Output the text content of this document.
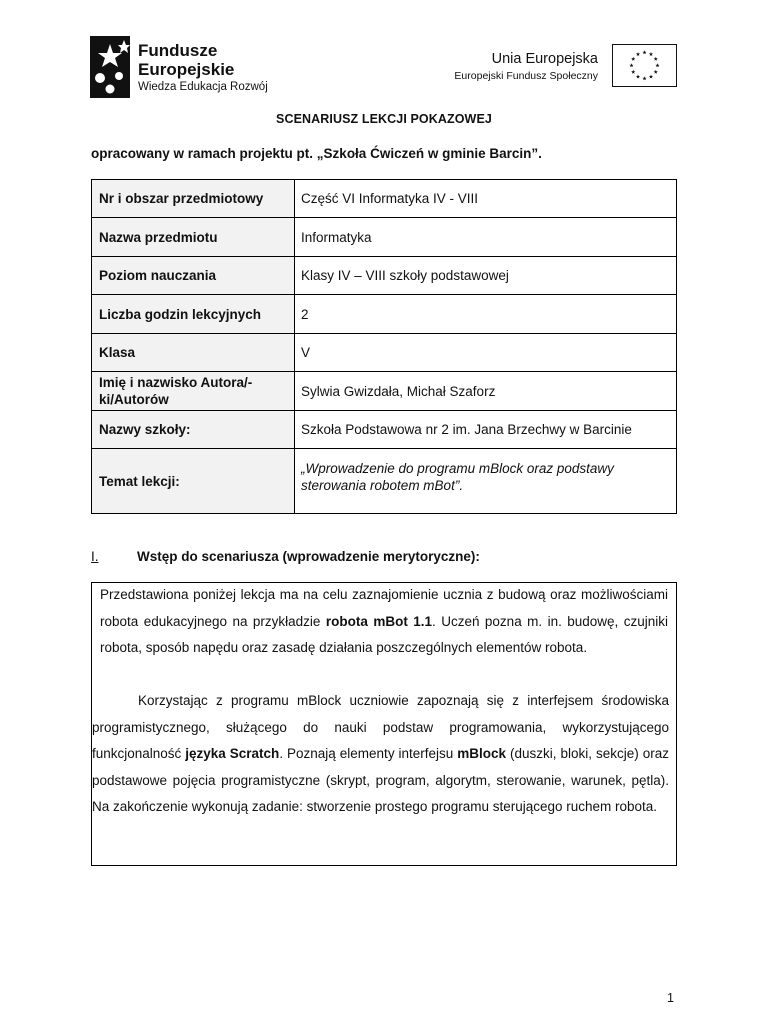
Fundusze
Europejskie
Wiedza Edukacja Rozwój
Unia Europejska
Europejski Fundusz Społeczny
SCENARIUSZ LEKCJI POKAZOWEJ
opracowany w ramach projektu pt. „Szkoła Ćwiczeń w gminie Barcin”.
Nr i obszar przedmiotowy	Część VI Informatyka IV - VIII
Nazwa przedmiotu	Informatyka
Poziom nauczania	Klasy IV – VIII szkoły podstawowej
Liczba godzin lekcyjnych	2
Klasa	V
Imię i nazwisko Autora/-ki/Autorów	Sylwia Gwizdała, Michał Szaforz
Nazwy szkoły:	Szkoła Podstawowa nr 2 im. Jana Brzechwy w Barcinie
Temat lekcji:	„Wprowadzenie do programu mBlock oraz podstawy sterowania robotem mBot”.
I.	Wstęp do scenariusza (wprowadzenie merytoryczne):
Przedstawiona poniżej lekcja ma na celu zaznajomienie ucznia z budową oraz możliwościami robota edukacyjnego na przykładzie robota mBot 1.1. Uczeń pozna m. in. budowę, czujniki robota, sposób napędu oraz zasadę działania poszczególnych elementów robota.
Korzystając z programu mBlock uczniowie zapoznają się z interfejsem środowiska programistycznego, służącego do nauki podstaw programowania, wykorzystującego funkcjonalność języka Scratch. Poznają elementy interfejsu mBlock (duszki, bloki, sekcje) oraz podstawowe pojęcia programistyczne (skrypt, program, algorytm, sterowanie, warunek, pętla). Na zakończenie wykonują zadanie: stworzenie prostego programu sterującego ruchem robota.
1
